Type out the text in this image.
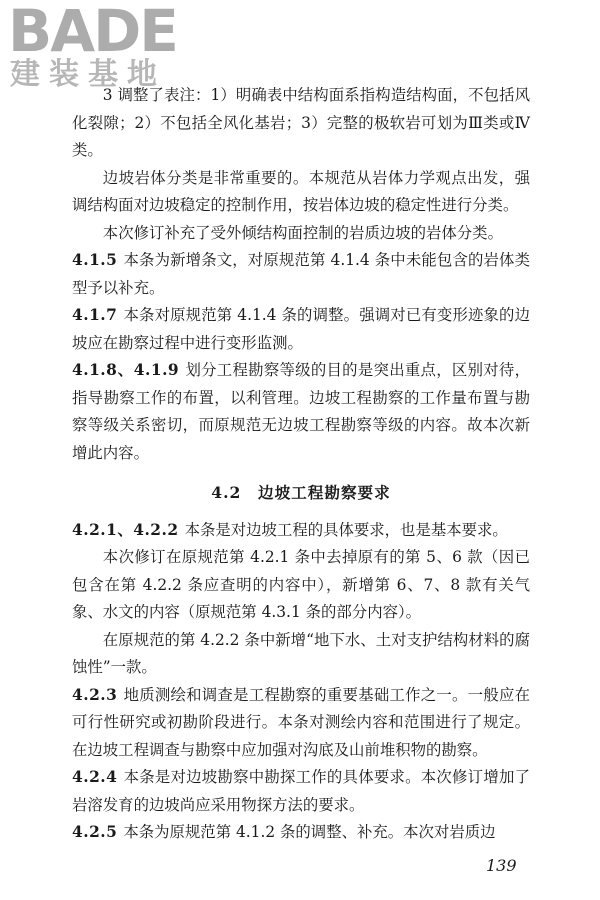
BADE
建装基地

3 调整了表注：1）明确表中结构面系指构造结构面，不包括风化裂隙；2）不包括全风化基岩；3）完整的极软岩可划为Ⅲ类或Ⅳ类。

边坡岩体分类是非常重要的。本规范从岩体力学观点出发，强调结构面对边坡稳定的控制作用，按岩体边坡的稳定性进行分类。

本次修订补充了受外倾结构面控制的岩质边坡的岩体分类。

4.1.5 本条为新增条文，对原规范第 4.1.4 条中未能包含的岩体类型予以补充。

4.1.7 本条对原规范第 4.1.4 条的调整。强调对已有变形迹象的边坡应在勘察过程中进行变形监测。

4.1.8、4.1.9 划分工程勘察等级的目的是突出重点，区别对待，指导勘察工作的布置，以利管理。边坡工程勘察的工作量布置与勘察等级关系密切，而原规范无边坡工程勘察等级的内容。故本次新增此内容。

4.2　边坡工程勘察要求

4.2.1、4.2.2 本条是对边坡工程的具体要求，也是基本要求。

本次修订在原规范第 4.2.1 条中去掉原有的第 5、6 款（因已包含在第 4.2.2 条应查明的内容中），新增第 6、7、8 款有关气象、水文的内容（原规范第 4.3.1 条的部分内容）。

在原规范的第 4.2.2 条中新增“地下水、土对支护结构材料的腐蚀性”一款。

4.2.3 地质测绘和调查是工程勘察的重要基础工作之一。一般应在可行性研究或初勘阶段进行。本条对测绘内容和范围进行了规定。在边坡工程调查与勘察中应加强对沟底及山前堆积物的勘察。

4.2.4 本条是对边坡勘察中勘探工作的具体要求。本次修订增加了岩溶发育的边坡尚应采用物探方法的要求。

4.2.5 本条为原规范第 4.1.2 条的调整、补充。本次对岩质边

139
